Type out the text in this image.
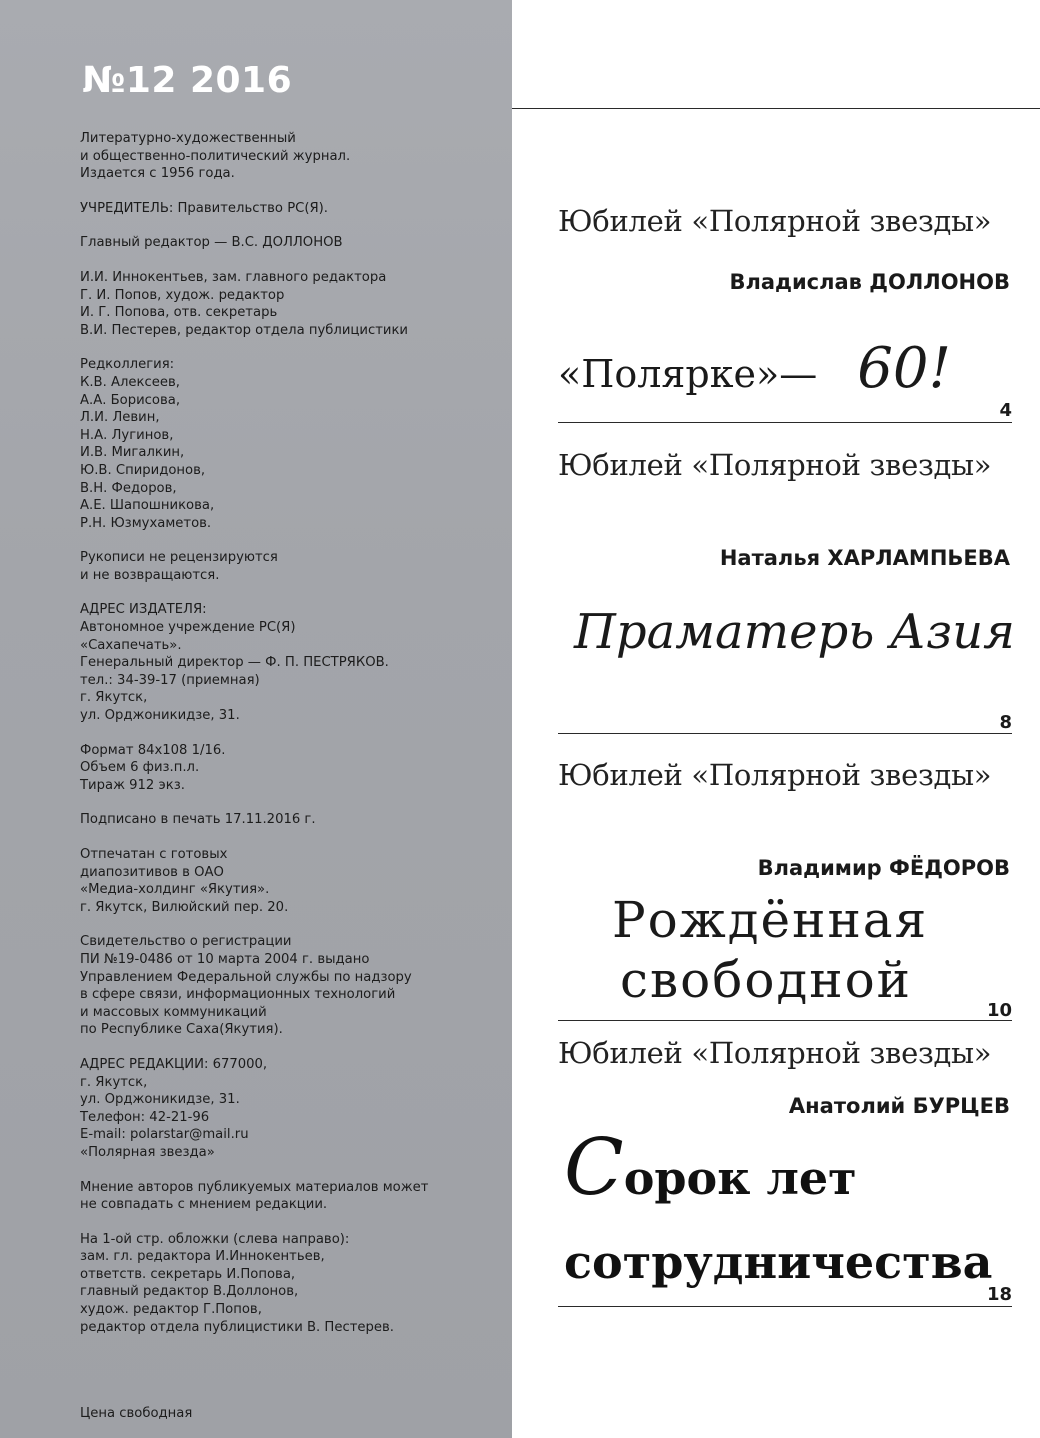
№12 2016
Литературно-художественный
и общественно-политический журнал.
Издается с 1956 года.
УЧРЕДИТЕЛЬ: Правительство РС(Я).
Главный редактор — В.С. ДОЛЛОНОВ
И.И. Иннокентьев, зам. главного редактора
Г. И. Попов, худож. редактор
И. Г. Попова, отв. секретарь
В.И. Пестерев, редактор отдела публицистики
Редколлегия:
К.В. Алексеев,
А.А. Борисова,
Л.И. Левин,
Н.А. Лугинов,
И.В. Мигалкин,
Ю.В. Спиридонов,
В.Н. Федоров,
А.Е. Шапошникова,
Р.Н. Юзмухаметов.
Рукописи не рецензируются
и не возвращаются.
АДРЕС ИЗДАТЕЛЯ:
Автономное учреждение РС(Я)
«Сахапечать».
Генеральный директор — Ф. П. ПЕСТРЯКОВ.
тел.: 34-39-17 (приемная)
г. Якутск,
ул. Орджоникидзе, 31.
Формат 84х108 1/16.
Объем 6 физ.п.л.
Тираж 912 экз.
Подписано в печать 17.11.2016 г.
Отпечатан с готовых
диапозитивов в ОАО
«Медиа-холдинг «Якутия».
г. Якутск, Вилюйский пер. 20.
Свидетельство о регистрации
ПИ №19-0486 от 10 марта 2004 г. выдано
Управлением Федеральной службы по надзору
в сфере связи, информационных технологий
и массовых коммуникаций
по Республике Саха(Якутия).
АДРЕС РЕДАКЦИИ: 677000,
г. Якутск,
ул. Орджоникидзе, 31.
Телефон: 42-21-96
E-mail: polarstar@mail.ru
«Полярная звезда»
Мнение авторов публикуемых материалов может
не совпадать с мнением редакции.
На 1-ой стр. обложки (слева направо):
зам. гл. редактора И.Иннокентьев,
ответств. секретарь И.Попова,
главный редактор В.Доллонов,
худож. редактор Г.Попов,
редактор отдела публицистики В. Пестерев.
Цена свободная
Юбилей «Полярной звезды»
Владислав ДОЛЛОНОВ
«Полярке»— 60!
4
Юбилей «Полярной звезды»
Наталья ХАРЛАМПЬЕВА
Праматерь Азия
8
Юбилей «Полярной звезды»
Владимир ФЁДОРОВ
Рождённая
свободной
10
Юбилей «Полярной звезды»
Анатолий БУРЦЕВ
Сорок лет
сотрудничества
18
